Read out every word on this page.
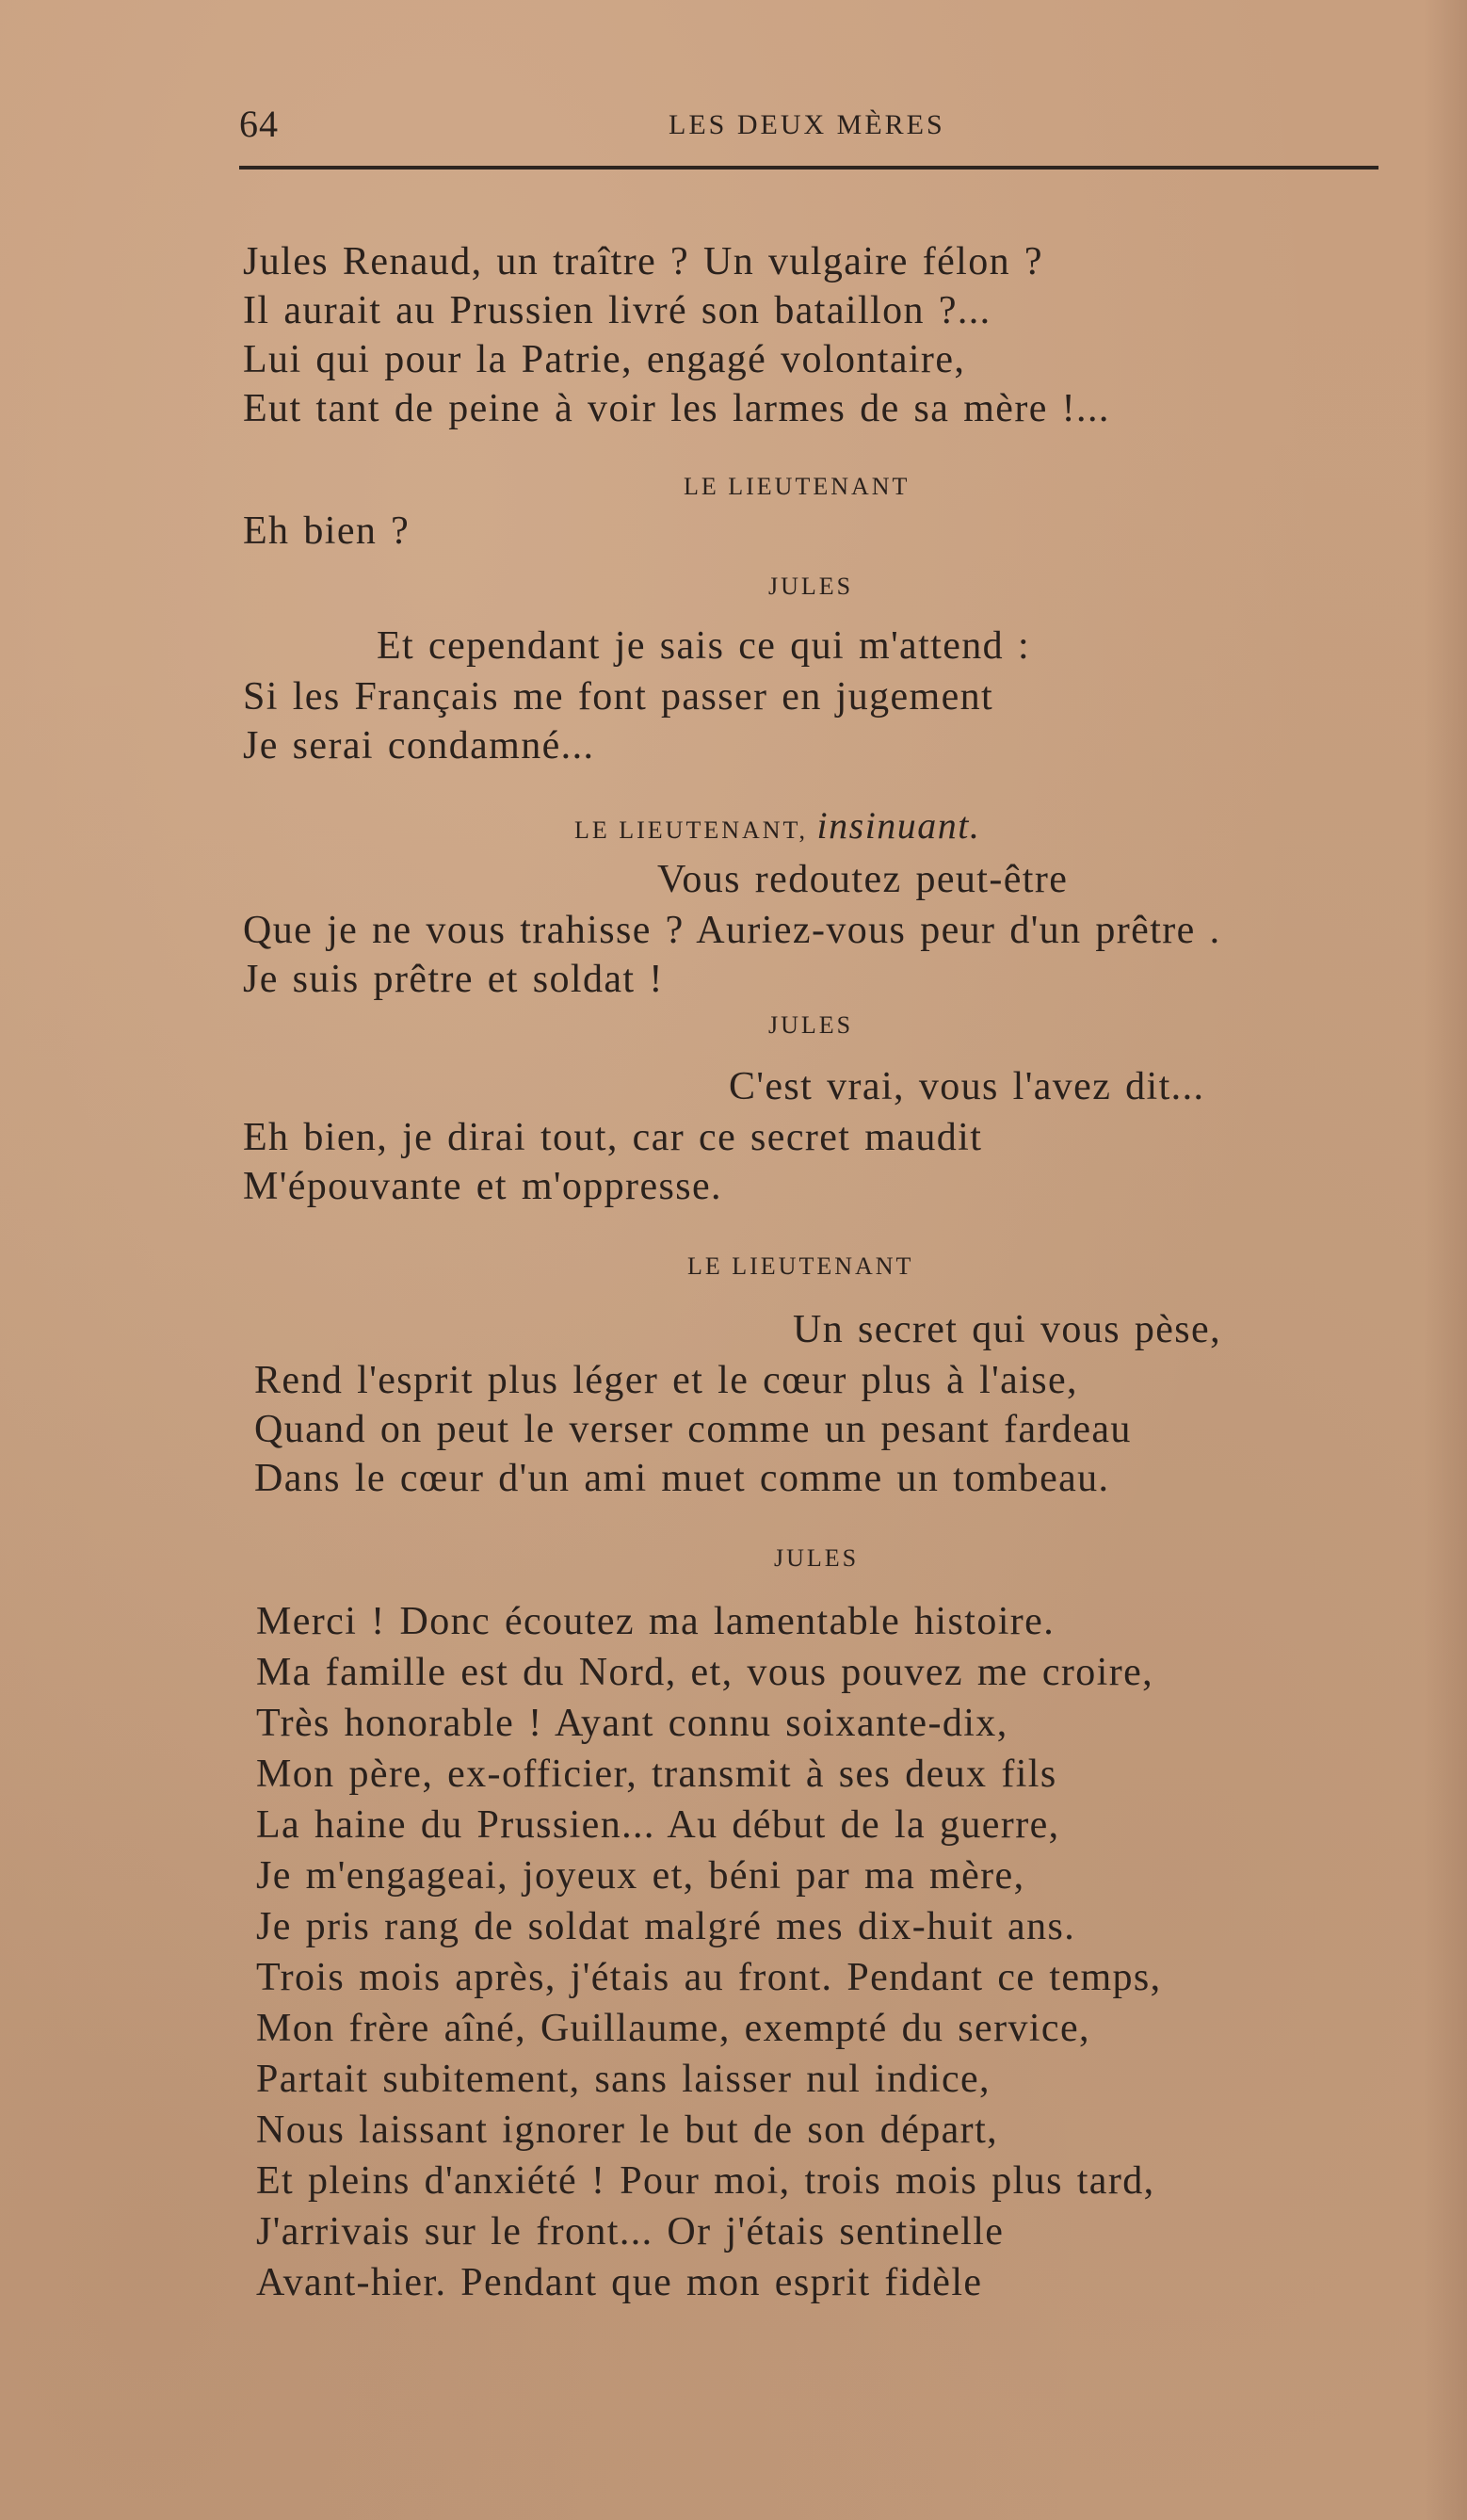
64	LES DEUX MÈRES
Jules Renaud, un traître ? Un vulgaire félon ?
Il aurait au Prussien livré son bataillon ?...
Lui qui pour la Patrie, engagé volontaire,
Eut tant de peine à voir les larmes de sa mère !...
LE LIEUTENANT
Eh bien ?
JULES
Et cependant je sais ce qui m'attend :
Si les Français me font passer en jugement
Je serai condamné...
LE LIEUTENANT, insinuant.
Vous redoutez peut-être
Que je ne vous trahisse ? Auriez-vous peur d'un prêtre .
Je suis prêtre et soldat !
JULES
C'est vrai, vous l'avez dit...
Eh bien, je dirai tout, car ce secret maudit
M'épouvante et m'oppresse.
LE LIEUTENANT
Un secret qui vous pèse,
Rend l'esprit plus léger et le cœur plus à l'aise,
Quand on peut le verser comme un pesant fardeau
Dans le cœur d'un ami muet comme un tombeau.
JULES
Merci ! Donc écoutez ma lamentable histoire.
Ma famille est du Nord, et, vous pouvez me croire,
Très honorable ! Ayant connu soixante-dix,
Mon père, ex-officier, transmit à ses deux fils
La haine du Prussien... Au début de la guerre,
Je m'engageai, joyeux et, béni par ma mère,
Je pris rang de soldat malgré mes dix-huit ans.
Trois mois après, j'étais au front. Pendant ce temps,
Mon frère aîné, Guillaume, exempté du service,
Partait subitement, sans laisser nul indice,
Nous laissant ignorer le but de son départ,
Et pleins d'anxiété ! Pour moi, trois mois plus tard,
J'arrivais sur le front... Or j'étais sentinelle
Avant-hier. Pendant que mon esprit fidèle
